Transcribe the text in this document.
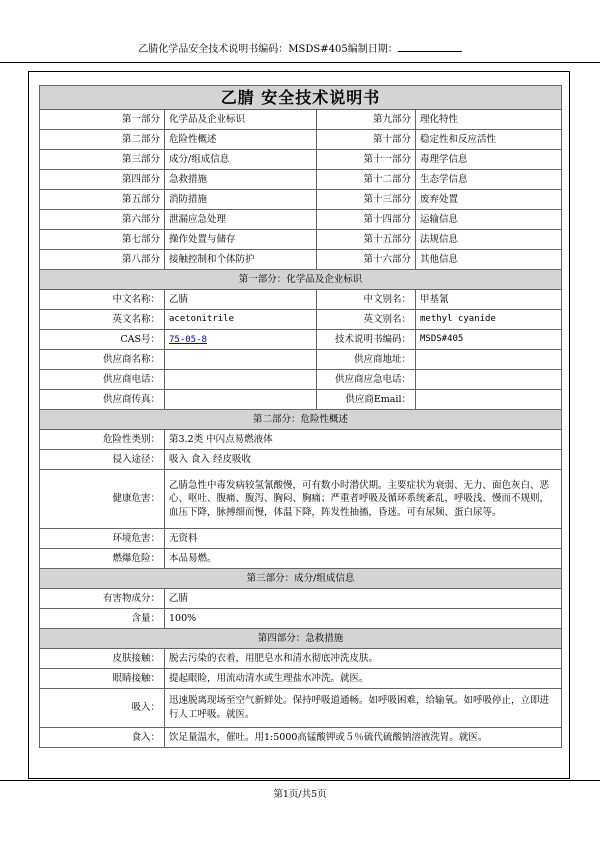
乙腈化学品安全技术说明书编码：MSDS#405编制日期：
乙腈 安全技术说明书			
第一部分	化学品及企业标识	第九部分	理化特性
第二部分	危险性概述	第十部分	稳定性和反应活性
第三部分	成分/组成信息	第十一部分	毒理学信息
第四部分	急救措施	第十二部分	生态学信息
第五部分	消防措施	第十三部分	废弃处置
第六部分	泄漏应急处理	第十四部分	运输信息
第七部分	操作处置与储存	第十五部分	法规信息
第八部分	接触控制和个体防护	第十六部分	其他信息
第一部分：化学品及企业标识			
中文名称：	乙腈	中文别名：	甲基氰
英文名称：	acetonitrile	英文别名：	methyl cyanide
CAS号：	75-05-8	技术说明书编码：	MSDS#405
供应商名称：		供应商地址：	
供应商电话：		供应商应急电话：	
供应商传真：		供应商Email：	
第二部分：危险性概述			
危险性类别：	第3.2类 中闪点易燃液体		
侵入途径：	吸入 食入 经皮吸收		
健康危害：	乙腈急性中毒发病较氢氰酸慢，可有数小时潜伏期。主要症状为衰弱、无力、面色灰白、恶心、呕吐、腹痛、腹泻、胸闷、胸痛；严重者呼吸及循环系统紊乱，呼吸浅、慢而不规则，血压下降，脉搏细而慢，体温下降，阵发性抽搐，昏迷。可有尿频、蛋白尿等。		
环境危害：	无资料		
燃爆危险：	本品易燃。		
第三部分：成分/组成信息			
有害物成分：	乙腈		
含量：	100%		
第四部分：急救措施			
皮肤接触：	脱去污染的衣着，用肥皂水和清水彻底冲洗皮肤。		
眼睛接触：	提起眼睑，用流动清水或生理盐水冲洗。就医。		
吸入：	迅速脱离现场至空气新鲜处。保持呼吸道通畅。如呼吸困难，给输氧。如呼吸停止，立即进行人工呼吸。就医。		
食入：	饮足量温水，催吐。用1:5000高锰酸钾或５％硫代硫酸钠溶液洗胃。就医。		
第1页/共5页
